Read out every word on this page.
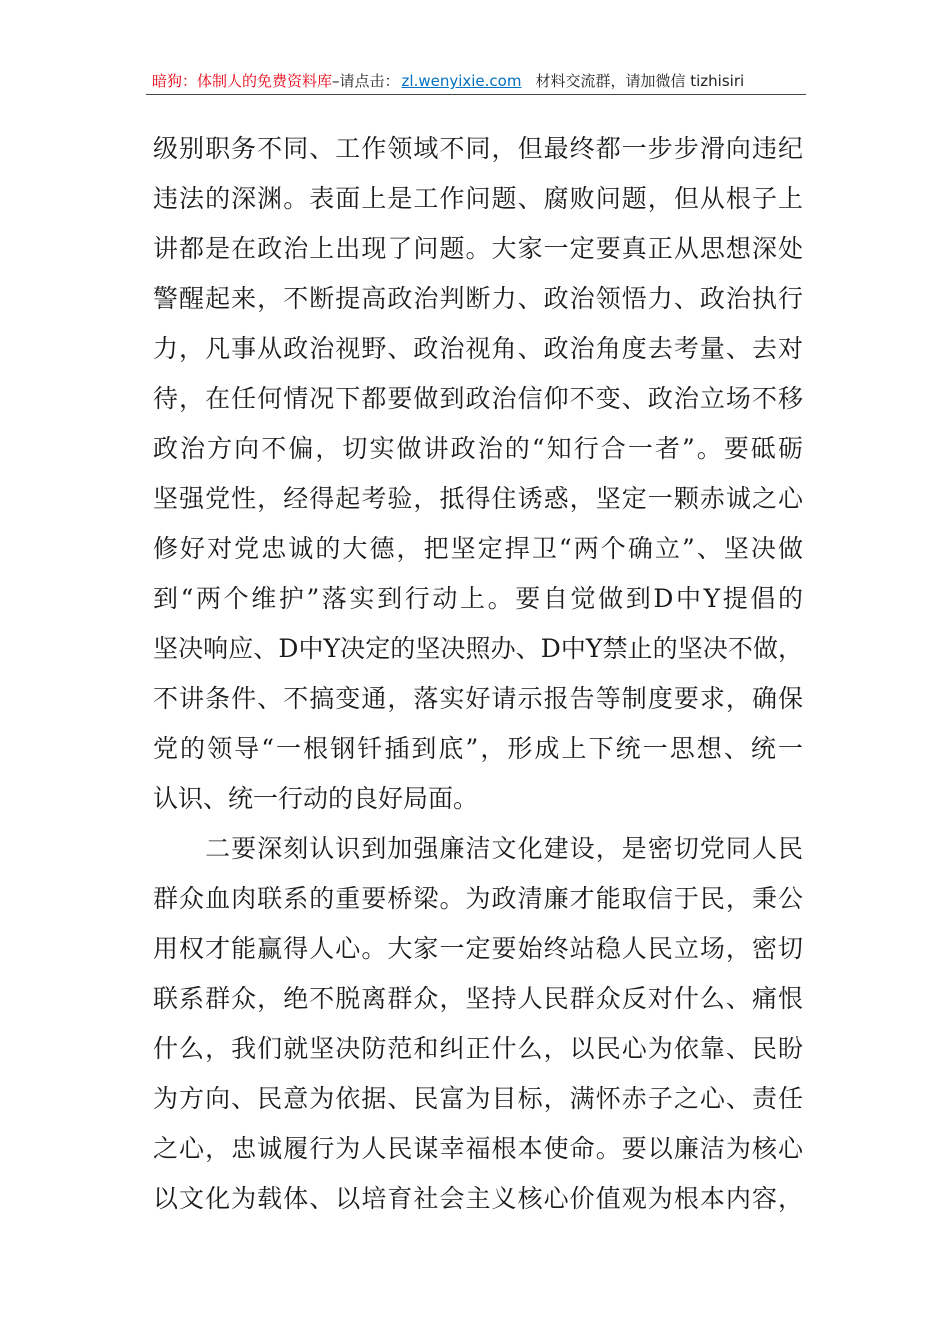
暗狗：体制人的免费资料库–请点击： zl.wenyixie.com 材料交流群，请加微信 tizhisiri
级别职务不同、工作领域不同，但最终都一步步滑向违纪
违法的深渊。表面上是工作问题、腐败问题，但从根子上
讲都是在政治上出现了问题。大家一定要真正从思想深处
警醒起来，不断提高政治判断力、政治领悟力、政治执行
力，凡事从政治视野、政治视角、政治角度去考量、去对
待，在任何情况下都要做到政治信仰不变、政治立场不移
政治方向不偏，切实做讲政治的“知行合一者”。要砥砺
坚强党性，经得起考验，抵得住诱惑，坚定一颗赤诚之心
修好对党忠诚的大德，把坚定捍卫“两个确立”、坚决做
到“两个维护”落实到行动上。要自觉做到D中Y提倡的
坚决响应、D中Y决定的坚决照办、D中Y禁止的坚决不做，
不讲条件、不搞变通，落实好请示报告等制度要求，确保
党的领导“一根钢钎插到底”，形成上下统一思想、统一
认识、统一行动的良好局面。
　　二要深刻认识到加强廉洁文化建设，是密切党同人民
群众血肉联系的重要桥梁。为政清廉才能取信于民，秉公
用权才能赢得人心。大家一定要始终站稳人民立场，密切
联系群众，绝不脱离群众，坚持人民群众反对什么、痛恨
什么，我们就坚决防范和纠正什么，以民心为依靠、民盼
为方向、民意为依据、民富为目标，满怀赤子之心、责任
之心，忠诚履行为人民谋幸福根本使命。要以廉洁为核心
以文化为载体、以培育社会主义核心价值观为根本内容，
